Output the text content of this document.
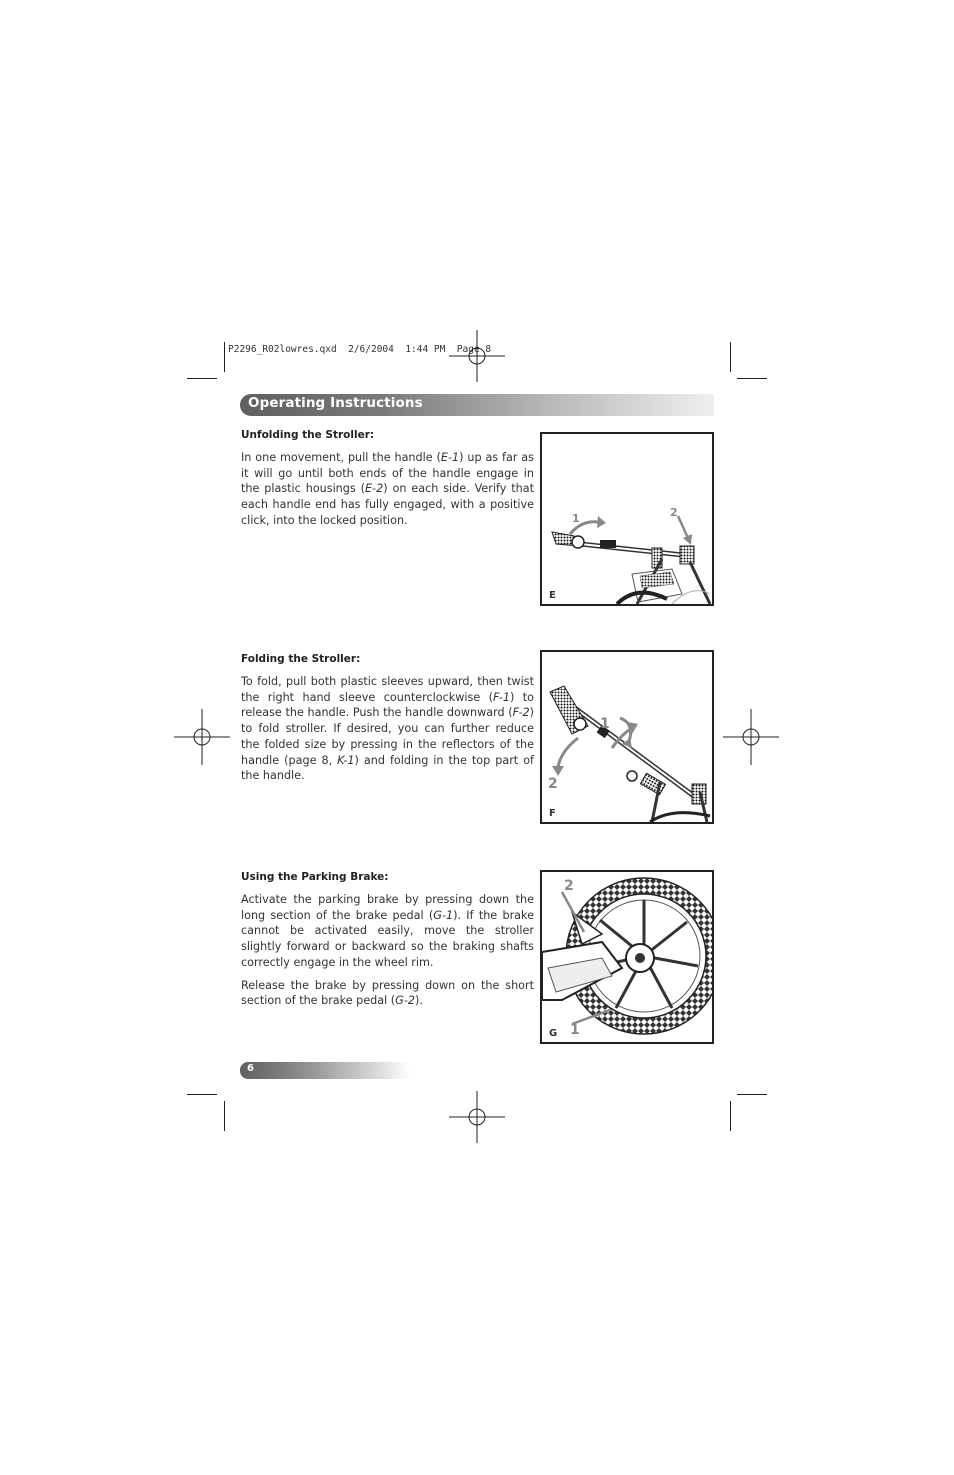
P2296_R02lowres.qxd  2/6/2004  1:44 PM  Page 8
Operating Instructions
Unfolding the Stroller:

In one movement, pull the handle (E-1) up as far as it will go until both ends of the handle engage in the plastic housings (E-2) on each side. Verify that each handle end has fully engaged, with a positive click, into the locked position.	1	2
E
Folding the Stroller:

To fold, pull both plastic sleeves upward, then twist the right hand sleeve counterclockwise (F-1) to release the handle. Push the handle downward (F-2) to fold stroller. If desired, you can further reduce the folded size by pressing in the reflectors of the handle (page 8, K-1) and folding in the top part of the handle.

1
2
F
Using the Parking Brake:

Activate the parking brake by pressing down the long section of the brake pedal (G-1). If the brake cannot be activated easily, move the stroller slightly forward or backward so the braking shafts correctly engage in the wheel rim.

Release the brake by pressing down on the short section of the brake pedal (G-2).

2
1
G
6
